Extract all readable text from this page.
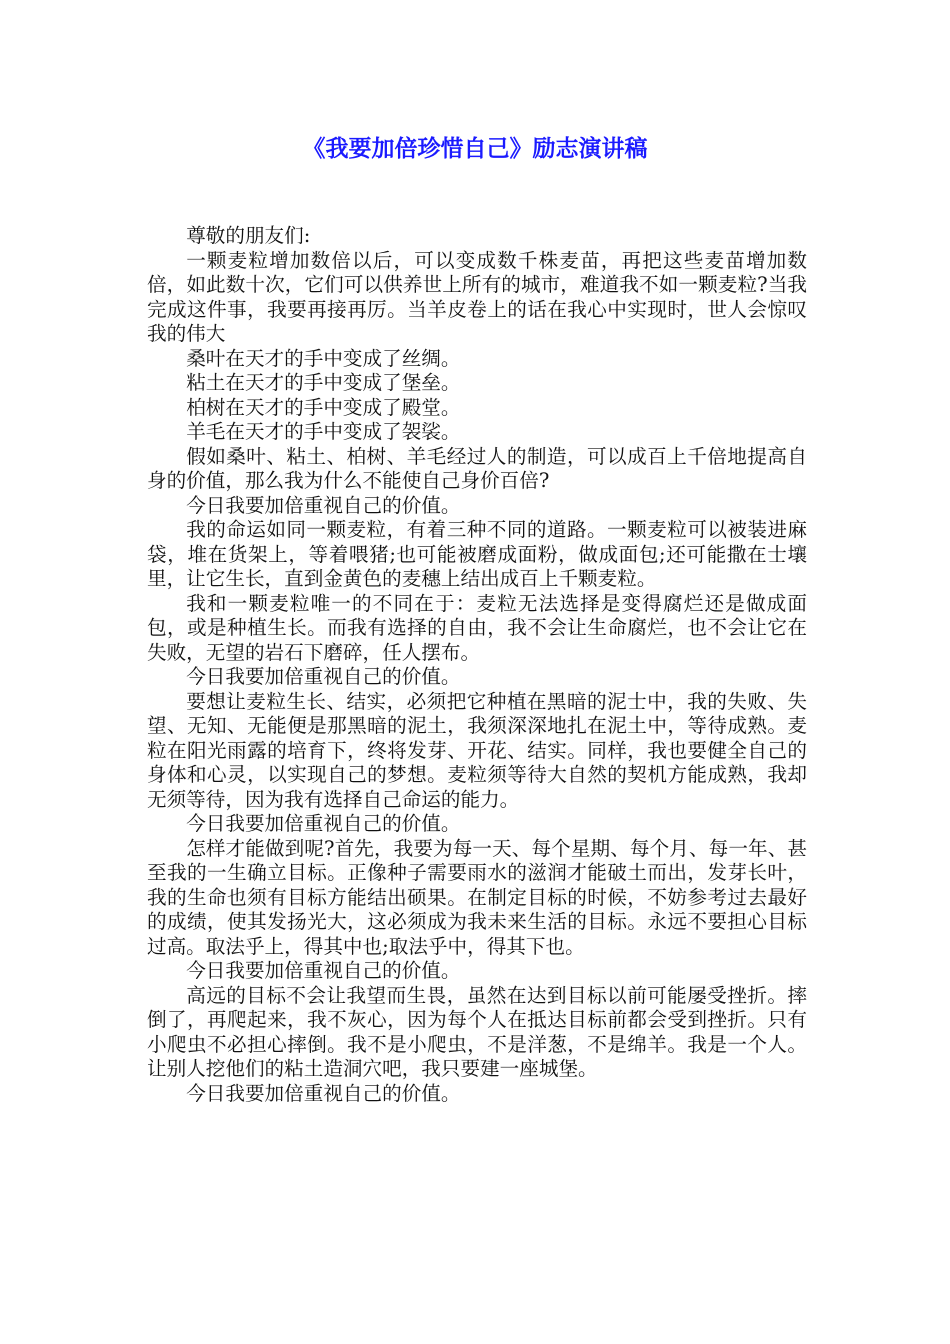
《我要加倍珍惜自己》励志演讲稿

尊敬的朋友们:

一颗麦粒增加数倍以后，可以变成数千株麦苗，再把这些麦苗增加数倍，如此数十次，它们可以供养世上所有的城市，难道我不如一颗麦粒?当我完成这件事，我要再接再厉。当羊皮卷上的话在我心中实现时，世人会惊叹我的伟大

桑叶在天才的手中变成了丝绸。

粘土在天才的手中变成了堡垒。

柏树在天才的手中变成了殿堂。

羊毛在天才的手中变成了袈裟。

假如桑叶、粘土、柏树、羊毛经过人的制造，可以成百上千倍地提高自身的价值，那么我为什么不能使自己身价百倍?

今日我要加倍重视自己的价值。

我的命运如同一颗麦粒，有着三种不同的道路。一颗麦粒可以被装进麻袋，堆在货架上，等着喂猪;也可能被磨成面粉，做成面包;还可能撒在士壤里，让它生长，直到金黄色的麦穗上结出成百上千颗麦粒。

我和一颗麦粒唯一的不同在于：麦粒无法选择是变得腐烂还是做成面包，或是种植生长。而我有选择的自由，我不会让生命腐烂，也不会让它在失败，无望的岩石下磨碎，任人摆布。

今日我要加倍重视自己的价值。

要想让麦粒生长、结实，必须把它种植在黑暗的泥士中，我的失败、失望、无知、无能便是那黑暗的泥土，我须深深地扎在泥土中，等待成熟。麦粒在阳光雨露的培育下，终将发芽、开花、结实。同样，我也要健全自己的身体和心灵，以实现自己的梦想。麦粒须等待大自然的契机方能成熟，我却无须等待，因为我有选择自己命运的能力。

今日我要加倍重视自己的价值。

怎样才能做到呢?首先，我要为每一天、每个星期、每个月、每一年、甚至我的一生确立目标。正像种子需要雨水的滋润才能破土而出，发芽长叶，我的生命也须有目标方能结出硕果。在制定目标的时候，不妨参考过去最好的成绩，使其发扬光大，这必须成为我未来生活的目标。永远不要担心目标过高。取法乎上，得其中也;取法乎中，得其下也。

今日我要加倍重视自己的价值。

高远的目标不会让我望而生畏，虽然在达到目标以前可能屡受挫折。摔倒了，再爬起来，我不灰心，因为每个人在抵达目标前都会受到挫折。只有小爬虫不必担心摔倒。我不是小爬虫，不是洋葱，不是绵羊。我是一个人。让别人挖他们的粘土造洞穴吧，我只要建一座城堡。

今日我要加倍重视自己的价值。
